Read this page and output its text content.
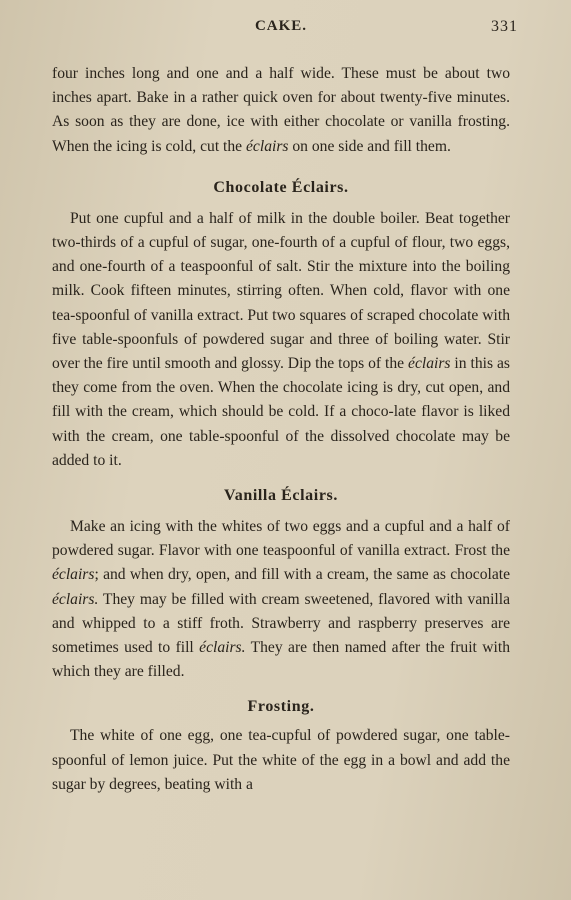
CAKE.	331

four inches long and one and a half wide. These must be about two inches apart. Bake in a rather quick oven for about twenty-five minutes. As soon as they are done, ice with either chocolate or vanilla frosting. When the icing is cold, cut the éclairs on one side and fill them.

Chocolate Éclairs.

Put one cupful and a half of milk in the double boiler. Beat together two-thirds of a cupful of sugar, one-fourth of a cupful of flour, two eggs, and one-fourth of a teaspoonful of salt. Stir the mixture into the boiling milk. Cook fifteen minutes, stirring often. When cold, flavor with one tea-spoonful of vanilla extract. Put two squares of scraped chocolate with five table-spoonfuls of powdered sugar and three of boiling water. Stir over the fire until smooth and glossy. Dip the tops of the éclairs in this as they come from the oven. When the chocolate icing is dry, cut open, and fill with the cream, which should be cold. If a choco-late flavor is liked with the cream, one table-spoonful of the dissolved chocolate may be added to it.

Vanilla Éclairs.

Make an icing with the whites of two eggs and a cupful and a half of powdered sugar. Flavor with one teaspoonful of vanilla extract. Frost the éclairs; and when dry, open, and fill with a cream, the same as chocolate éclairs. They may be filled with cream sweetened, flavored with vanilla and whipped to a stiff froth. Strawberry and raspberry preserves are sometimes used to fill éclairs. They are then named after the fruit with which they are filled.

Frosting.

The white of one egg, one tea-cupful of powdered sugar, one table-spoonful of lemon juice. Put the white of the egg in a bowl and add the sugar by degrees, beating with a
